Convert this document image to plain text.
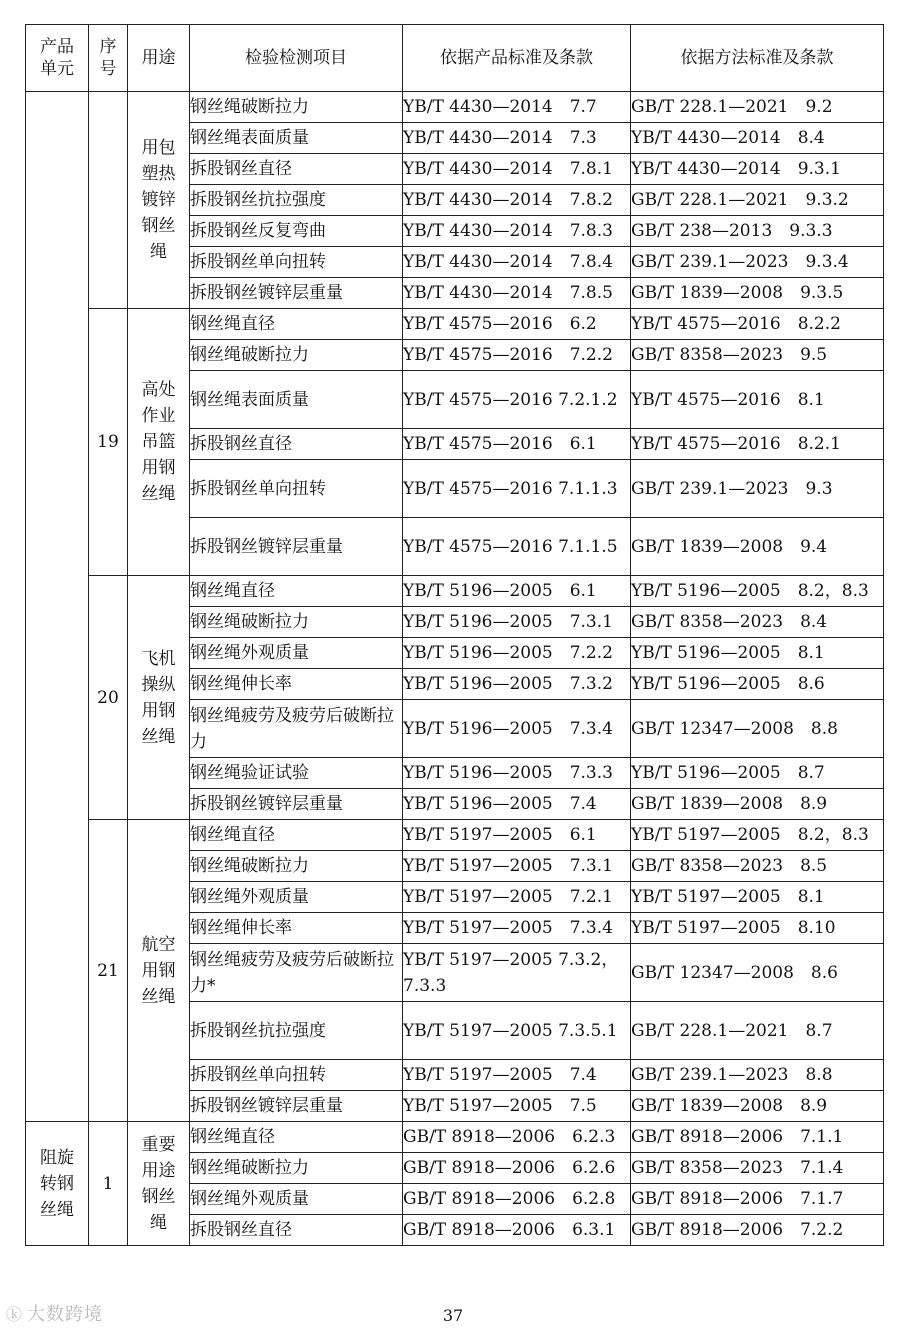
产品单元	序号	用途	检验检测项目	依据产品标准及条款	依据方法标准及条款

		用包塑热镀锌钢丝绳	钢丝绳破断拉力	YB/T 4430—2014　7.7	GB/T 228.1—2021　9.2
			钢丝绳表面质量	YB/T 4430—2014　7.3	YB/T 4430—2014　8.4
			拆股钢丝直径	YB/T 4430—2014　7.8.1	YB/T 4430—2014　9.3.1
			拆股钢丝抗拉强度	YB/T 4430—2014　7.8.2	GB/T 228.1—2021　9.3.2
			拆股钢丝反复弯曲	YB/T 4430—2014　7.8.3	GB/T 238—2013　9.3.3
			拆股钢丝单向扭转	YB/T 4430—2014　7.8.4	GB/T 239.1—2023　9.3.4
			拆股钢丝镀锌层重量	YB/T 4430—2014　7.8.5	GB/T 1839—2008　9.3.5
	19	高处作业吊篮用钢丝绳	钢丝绳直径	YB/T 4575—2016　6.2	YB/T 4575—2016　8.2.2
			钢丝绳破断拉力	YB/T 4575—2016　7.2.2	GB/T 8358—2023　9.5
			钢丝绳表面质量	YB/T 4575—2016 7.2.1.2	YB/T 4575—2016　8.1
			拆股钢丝直径	YB/T 4575—2016　6.1	YB/T 4575—2016　8.2.1
			拆股钢丝单向扭转	YB/T 4575—2016 7.1.1.3	GB/T 239.1—2023　9.3
			拆股钢丝镀锌层重量	YB/T 4575—2016 7.1.1.5	GB/T 1839—2008　9.4
	20	飞机操纵用钢丝绳	钢丝绳直径	YB/T 5196—2005　6.1	YB/T 5196—2005　8.2，8.3
			钢丝绳破断拉力	YB/T 5196—2005　7.3.1	GB/T 8358—2023　8.4
			钢丝绳外观质量	YB/T 5196—2005　7.2.2	YB/T 5196—2005　8.1
			钢丝绳伸长率	YB/T 5196—2005　7.3.2	YB/T 5196—2005　8.6
			钢丝绳疲劳及疲劳后破断拉力	YB/T 5196—2005　7.3.4	GB/T 12347—2008　8.8
			钢丝绳验证试验	YB/T 5196—2005　7.3.3	YB/T 5196—2005　8.7
			拆股钢丝镀锌层重量	YB/T 5196—2005　7.4	GB/T 1839—2008　8.9
	21	航空用钢丝绳	钢丝绳直径	YB/T 5197—2005　6.1	YB/T 5197—2005　8.2，8.3
			钢丝绳破断拉力	YB/T 5197—2005　7.3.1	GB/T 8358—2023　8.5
			钢丝绳外观质量	YB/T 5197—2005　7.2.1	YB/T 5197—2005　8.1
			钢丝绳伸长率	YB/T 5197—2005　7.3.4	YB/T 5197—2005　8.10
			钢丝绳疲劳及疲劳后破断拉力*	YB/T 5197—2005 7.3.2，7.3.3	GB/T 12347—2008　8.6
			拆股钢丝抗拉强度	YB/T 5197—2005 7.3.5.1	GB/T 228.1—2021　8.7
			拆股钢丝单向扭转	YB/T 5197—2005　7.4	GB/T 239.1—2023　8.8
			拆股钢丝镀锌层重量	YB/T 5197—2005　7.5	GB/T 1839—2008　8.9

阻旋转钢丝绳	1	重要用途钢丝绳	钢丝绳直径	GB/T 8918—2006　6.2.3	GB/T 8918—2006　7.1.1
			钢丝绳破断拉力	GB/T 8918—2006　6.2.6	GB/T 8358—2023　7.1.4
			钢丝绳外观质量	GB/T 8918—2006　6.2.8	GB/T 8918—2006　7.1.7
			拆股钢丝直径	GB/T 8918—2006　6.3.1	GB/T 8918—2006　7.2.2
37
ⓚ 大数跨境
